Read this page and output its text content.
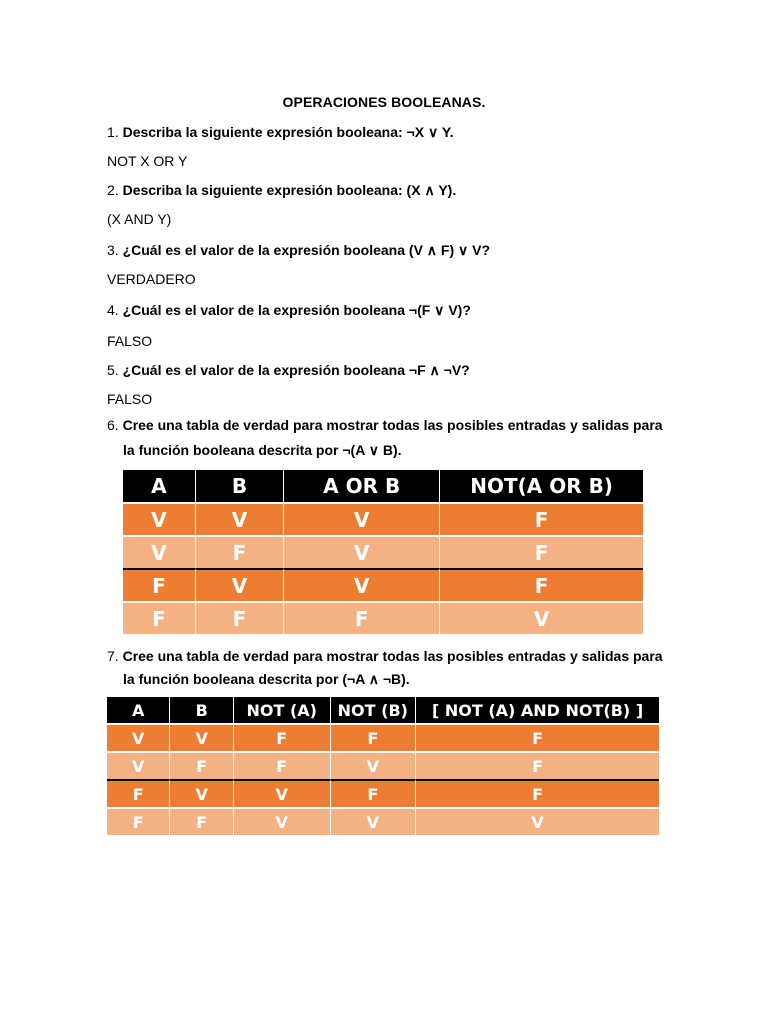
OPERACIONES BOOLEANAS.
1. Describa la siguiente expresión booleana: ¬X ∨ Y.
NOT X OR Y
2. Describa la siguiente expresión booleana: (X ∧ Y).
(X AND Y)
3. ¿Cuál es el valor de la expresión booleana (V ∧ F) ∨ V?
VERDADERO
4. ¿Cuál es el valor de la expresión booleana ¬(F ∨ V)?
FALSO
5. ¿Cuál es el valor de la expresión booleana ¬F ∧ ¬V?
FALSO
6. Cree una tabla de verdad para mostrar todas las posibles entradas y salidas para
la función booleana descrita por ¬(A ∨ B).
A	B	A OR B	NOT(A OR B)
V	V	V	F
V	F	V	F
F	V	V	F
F	F	F	V
7. Cree una tabla de verdad para mostrar todas las posibles entradas y salidas para
la función booleana descrita por (¬A ∧ ¬B).
A	B	NOT (A)	NOT (B)	[ NOT (A) AND NOT(B) ]
V	V	F	F	F
V	F	F	V	F
F	V	V	F	F
F	F	V	V	V
